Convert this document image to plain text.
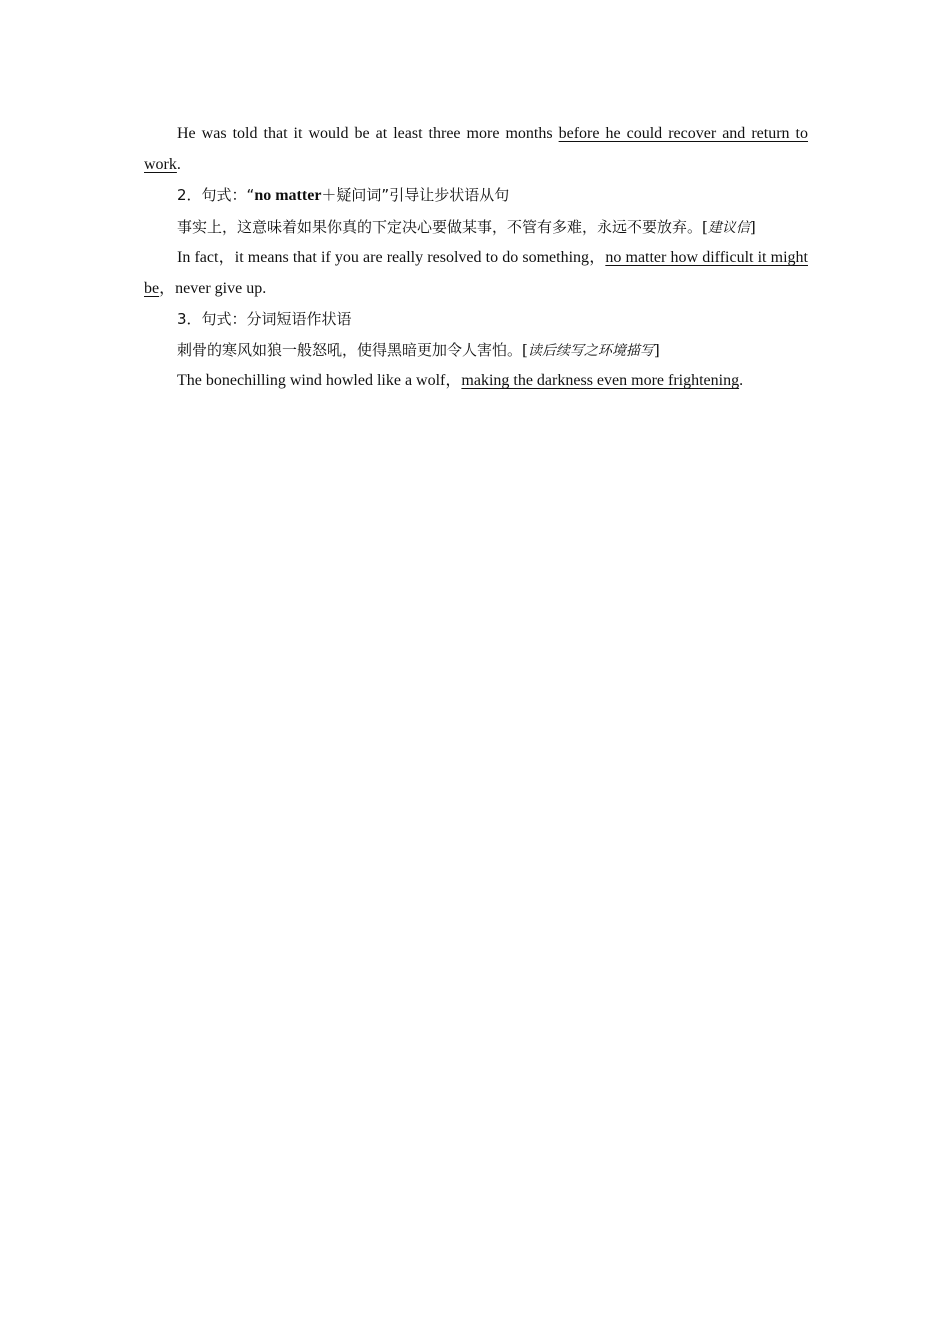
He was told that it would be at least three more months before he could recover and return to work.

2．句式：“no matter＋疑问词”引导让步状语从句

事实上，这意味着如果你真的下定决心要做某事，不管有多难，永远不要放弃。[建议信]

In fact，it means that if you are really resolved to do something，no matter how difficult it might be，never give up.

3．句式：分词短语作状语

刺骨的寒风如狼一般怒吼，使得黑暗更加令人害怕。[读后续写之环境描写]

The bonechilling wind howled like a wolf，making the darkness even more frightening.
